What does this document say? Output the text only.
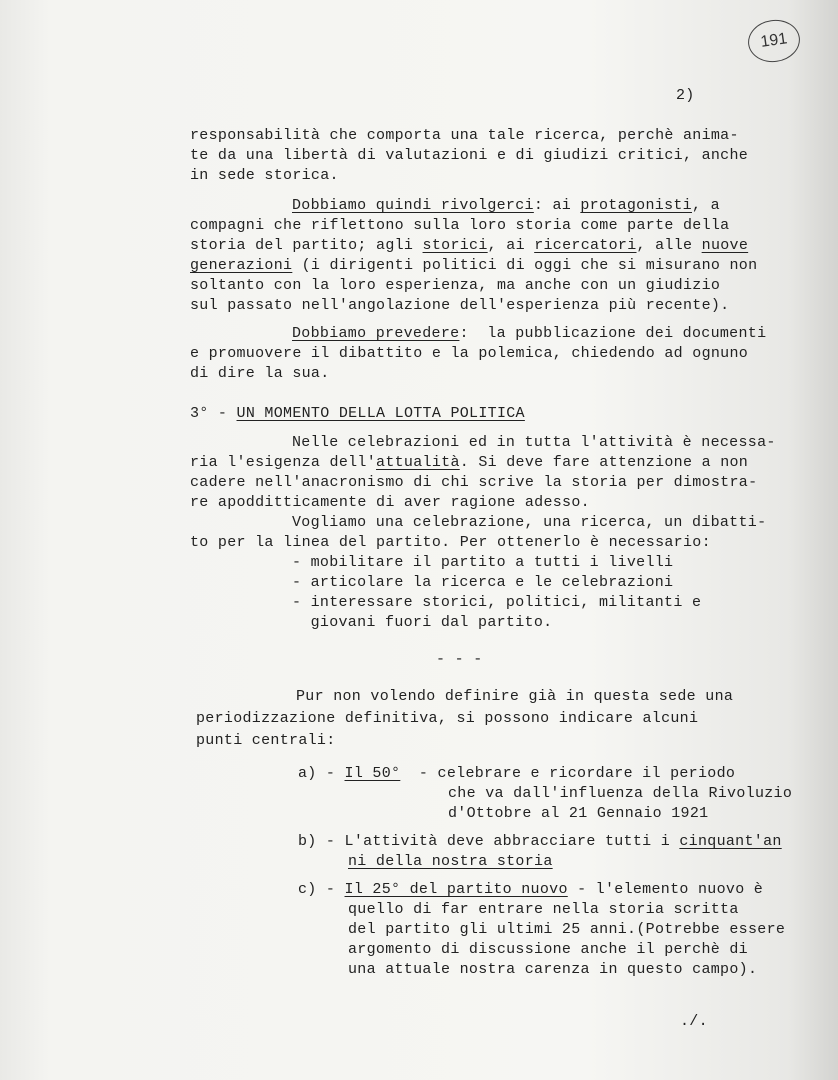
191
2)
responsabilità che comporta una tale ricerca, perchè anima-
te da una libertà di valutazioni e di giudizi critici, anche
in sede storica.
Dobbiamo quindi rivolgerci: ai protagonisti, a
compagni che riflettono sulla loro storia come parte della
storia del partito; agli storici, ai ricercatori, alle nuove
generazioni (i dirigenti politici di oggi che si misurano non
soltanto con la loro esperienza, ma anche con un giudizio
sul passato nell'angolazione dell'esperienza più recente).
Dobbiamo prevedere:  la pubblicazione dei documenti
e promuovere il dibattito e la polemica, chiedendo ad ognuno
di dire la sua.
3° - UN MOMENTO DELLA LOTTA POLITICA
Nelle celebrazioni ed in tutta l'attività è necessa-
ria l'esigenza dell'attualità. Si deve fare attenzione a non
cadere nell'anacronismo di chi scrive la storia per dimostra-
re apodditticamente di aver ragione adesso.
Vogliamo una celebrazione, una ricerca, un dibatti-
to per la linea del partito. Per ottenerlo è necessario:
- mobilitare il partito a tutti i livelli
- articolare la ricerca e le celebrazioni
- interessare storici, politici, militanti e
giovani fuori dal partito.
- - -
Pur non volendo definire già in questa sede una
periodizzazione definitiva, si possono indicare alcuni
punti centrali:
a) - Il 50°  - celebrare e ricordare il periodo
che va dall'influenza della Rivoluzio
d'Ottobre al 21 Gennaio 1921
b) - L'attività deve abbracciare tutti i cinquant'an
ni della nostra storia
c) - Il 25° del partito nuovo - l'elemento nuovo è
quello di far entrare nella storia scritta
del partito gli ultimi 25 anni.(Potrebbe essere
argomento di discussione anche il perchè di
una attuale nostra carenza in questo campo).
./.
